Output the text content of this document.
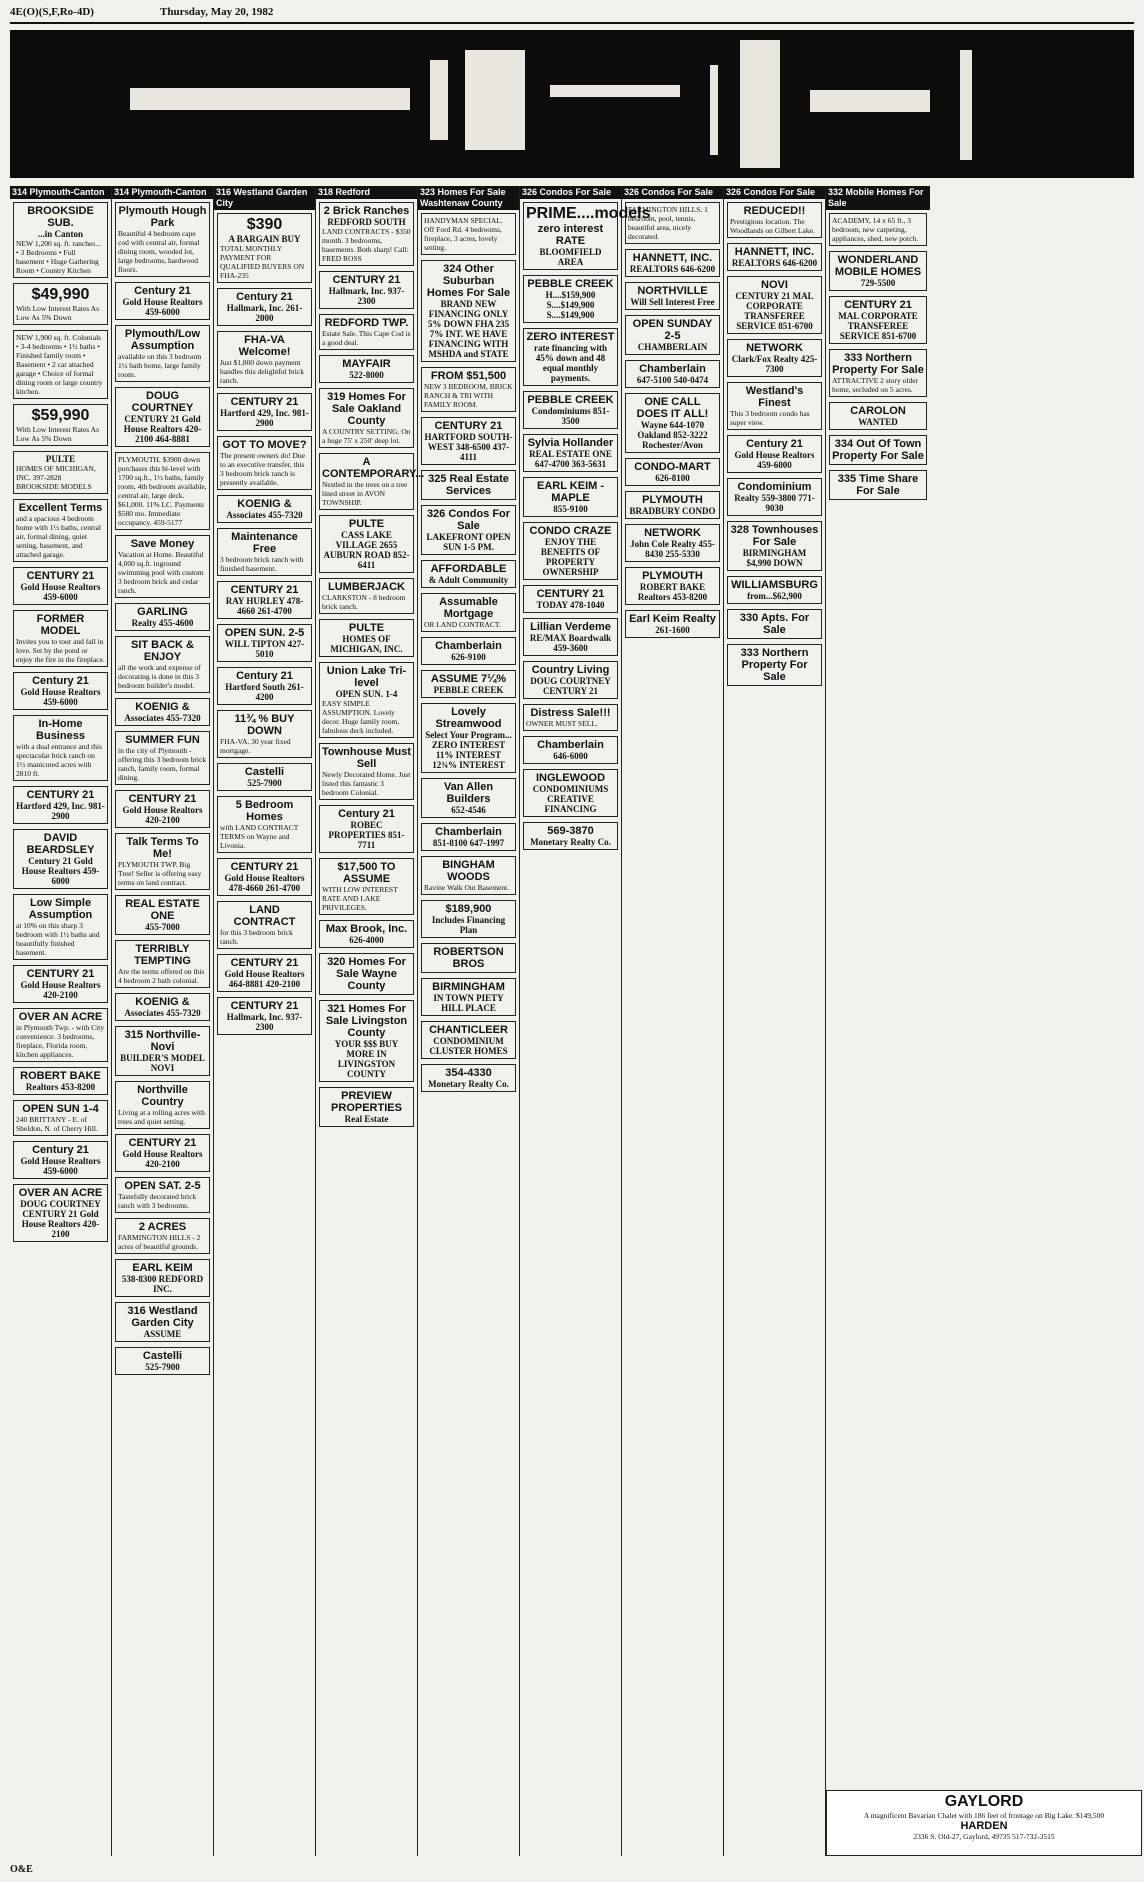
4E(O)(S,F,Ro-4D)	Thursday, May 20, 1982
314 Plymouth-Canton
BROOKSIDE SUB.
...in Canton
NEW 1,200 sq. ft. ranches... • 3 Bedrooms • Full basement • Huge Gathering Room • Country Kitchen
$49,990
With Low Interest Rates As Low As 5% Down
NEW 1,900 sq. ft. Colonials • 3-4 bedrooms • 1½ baths • Finished family room • Basement • 2 car attached garage • Choice of formal dining room or large country kitchen.
$59,990
With Low Interest Rates As Low As 5% Down
PULTE
HOMES OF MICHIGAN, INC. 397-2828 BROOKSIDE MODELS
Excellent Terms
and a spacious 4 bedroom home with 1½ baths, central air, formal dining, quiet setting, basement, and attached garage.
CENTURY 21
Gold House Realtors 459-6000
FORMER MODEL
Invites you to tour and fall in love. Set by the pond or enjoy the fire in the fireplace.
Century 21
Gold House Realtors 459-6000
In-Home Business
with a dual entrance and this spectacular brick ranch on 1½ manicured acres with 2810 ft.
CENTURY 21
Hartford 429, Inc. 981-2900
DAVID BEARDSLEY
Century 21 Gold House Realtors 459-6000
Low Simple Assumption
at 10% on this sharp 3 bedroom with 1½ baths and beautifully finished basement.
CENTURY 21
Gold House Realtors 420-2100
OVER AN ACRE
in Plymouth Twp. - with City convenience. 3 bedrooms, fireplace, Florida room, kitchen appliances.
ROBERT BAKE
Realtors 453-8200
OPEN SUN 1-4
240 BRITTANY - E. of Sheldon, N. of Cherry Hill.
Century 21
Gold House Realtors 459-6000
OVER AN ACRE
DOUG COURTNEY CENTURY 21 Gold House Realtors 420-2100
314 Plymouth-Canton
Plymouth Hough Park
Beautiful 4 bedroom cape cod with central air, formal dining room, wooded lot, large bedrooms, hardwood floors.
Century 21
Gold House Realtors 459-6000
Plymouth/Low Assumption
available on this 3 bedroom 1½ bath home, large family room.
DOUG COURTNEY
CENTURY 21 Gold House Realtors 420-2100 464-8881
PLYMOUTH. $3900 down purchases this bi-level with 1700 sq.ft., 1½ baths, family room, 4th bedroom available, central air, large deck. $61,000. 11% LC. Payments $580 mo. Immediate occupancy. 459-5177
Save Money
Vacation at Home. Beautiful 4,000 sq.ft. inground swimming pool with custom 3 bedroom brick and cedar ranch.
GARLING
Realty 455-4600
SIT BACK & ENJOY
all the work and expense of decorating is done in this 3 bedroom builder's model.
KOENIG &
Associates 455-7320
SUMMER FUN
in the city of Plymouth - offering this 3 bedroom brick ranch, family room, formal dining.
CENTURY 21
Gold House Realtors 420-2100
Talk Terms To Me!
PLYMOUTH TWP. Big Tree! Seller is offering easy terms on land contract.
REAL ESTATE ONE
455-7000
TERRIBLY TEMPTING
Are the terms offered on this 4 bedroom 2 bath colonial.
KOENIG &
Associates 455-7320
315 Northville-Novi
BUILDER'S MODEL NOVI
Northville Country
Living at a rolling acres with trees and quiet setting.
CENTURY 21
Gold House Realtors 420-2100
OPEN SAT. 2-5
Tastefully decorated brick ranch with 3 bedrooms.
2 ACRES
FARMINGTON HILLS - 2 acres of beautiful grounds.
EARL KEIM
538-8300 REDFORD INC.
316 Westland Garden City
ASSUME
Castelli
525-7900
316 Westland Garden City
$390
A BARGAIN BUY
TOTAL MONTHLY PAYMENT FOR QUALIFIED BUYERS ON FHA-235
Century 21
Hallmark, Inc. 261-2000
FHA-VA Welcome!
Just $1,800 down payment handles this delightful brick ranch.
CENTURY 21
Hartford 429, Inc. 981-2900
GOT TO MOVE?
The present owners do! Due to an executive transfer, this 3 bedroom brick ranch is presently available.
KOENIG &
Associates 455-7320
Maintenance Free
3 bedroom brick ranch with finished basement.
CENTURY 21
RAY HURLEY 478-4660 261-4700
OPEN SUN. 2-5
WILL TIPTON 427-5010
Century 21
Hartford South 261-4200
11¾ % BUY DOWN
FHA-VA, 30 year fixed mortgage.
Castelli
525-7900
5 Bedroom Homes
with LAND CONTRACT TERMS on Wayne and Livonia.
CENTURY 21
Gold House Realtors 478-4660 261-4700
LAND CONTRACT
for this 3 bedroom brick ranch.
CENTURY 21
Gold House Realtors 464-8881 420-2100
CENTURY 21
Hallmark, Inc. 937-2300
318 Redford
2 Brick Ranches
REDFORD SOUTH
LAND CONTRACTS - $350 month. 3 bedrooms, basements. Both sharp! Call: FRED ROSS
CENTURY 21
Hallmark, Inc. 937-2300
REDFORD TWP.
Estate Sale. This Cape Cod is a good deal.
MAYFAIR
522-8000
319 Homes For Sale Oakland County
A COUNTRY SETTING. On a huge 75' x 250' deep lot.
A CONTEMPORARY...
Nestled in the trees on a tree lined street in AVON TOWNSHIP.
PULTE
CASS LAKE VILLAGE 2655 AUBURN ROAD 852-6411
LUMBERJACK
CLARKSTON - 8 bedroom brick ranch.
PULTE
HOMES OF MICHIGAN, INC.
Union Lake Tri-level
OPEN SUN. 1-4
EASY SIMPLE ASSUMPTION. Lovely decor. Huge family room, fabulous deck included.
Townhouse Must Sell
Newly Decorated Home. Just listed this fantastic 3 bedroom Colonial.
Century 21
ROBEC PROPERTIES 851-7711
$17,500 TO ASSUME
WITH LOW INTEREST RATE AND LAKE PRIVILEGES.
Max Brook, Inc.
626-4000
320 Homes For Sale Wayne County
321 Homes For Sale Livingston County
YOUR $$$ BUY MORE IN LIVINGSTON COUNTY
PREVIEW PROPERTIES
Real Estate
323 Homes For Sale Washtenaw County
HANDYMAN SPECIAL. Off Ford Rd. 4 bedrooms, fireplace, 3 acres, lovely setting.
324 Other Suburban Homes For Sale
BRAND NEW FINANCING ONLY 5% DOWN FHA 235 7% INT. WE HAVE FINANCING WITH MSHDA and STATE
FROM $51,500
NEW 3 BEDROOM, BRICK RANCH & TRI WITH FAMILY ROOM.
CENTURY 21
HARTFORD SOUTH-WEST 348-6500 437-4111
325 Real Estate Services
326 Condos For Sale
LAKEFRONT OPEN SUN 1-5 PM.
AFFORDABLE
& Adult Community
Assumable Mortgage
OR LAND CONTRACT.
Chamberlain
626-9100
ASSUME 7¼%
PEBBLE CREEK
Lovely Streamwood
Select Your Program... ZERO INTEREST 11% INTEREST 12¾% INTEREST
Van Allen Builders
652-4546
Chamberlain
851-8100 647-1997
BINGHAM WOODS
Ravine Walk Out Basement.
$189,900
Includes Financing Plan
ROBERTSON BROS
BIRMINGHAM
IN TOWN PIETY HILL PLACE
CHANTICLEER
CONDOMINIUM CLUSTER HOMES
354-4330
Monetary Realty Co.
326 Condos For Sale
PRIME....models
zero interest RATE
BLOOMFIELD AREA
PEBBLE CREEK
H....$159,900 S....$149,900 S....$149,900
ZERO INTEREST
rate financing with 45% down and 48 equal monthly payments.
PEBBLE CREEK
Condominiums 851-3500
Sylvia Hollander
REAL ESTATE ONE 647-4700 363-5631
EARL KEIM - MAPLE
855-9100
CONDO CRAZE
ENJOY THE BENEFITS OF PROPERTY OWNERSHIP
CENTURY 21
TODAY 478-1040
Lillian Verdeme
RE/MAX Boardwalk 459-3600
Country Living
DOUG COURTNEY CENTURY 21
Distress Sale!!!
OWNER MUST SELL.
Chamberlain
646-6000
INGLEWOOD
CONDOMINIUMS CREATIVE FINANCING
569-3870
Monetary Realty Co.
326 Condos For Sale
FARMINGTON HILLS. 1 bedroom, pool, tennis, beautiful area, nicely decorated.
HANNETT, INC.
REALTORS 646-6200
NORTHVILLE
Will Sell Interest Free
OPEN SUNDAY 2-5
CHAMBERLAIN
Chamberlain
647-5100 540-0474
ONE CALL DOES IT ALL!
Wayne 644-1070 Oakland 852-3222 Rochester/Avon
CONDO-MART
626-8100
PLYMOUTH
BRADBURY CONDO
NETWORK
John Cole Realty 455-8430 255-5330
PLYMOUTH
ROBERT BAKE Realtors 453-8200
Earl Keim Realty
261-1600
326 Condos For Sale
REDUCED!!
Prestigious location. The Woodlands on Gilbert Lake.
HANNETT, INC.
REALTORS 646-6200
NOVI
CENTURY 21 MAL CORPORATE TRANSFEREE SERVICE 851-6700
NETWORK
Clark/Fox Realty 425-7300
Westland's Finest
This 3 bedroom condo has super view.
Century 21
Gold House Realtors 459-6000
Condominium
Realty 559-3800 771-9030
328 Townhouses For Sale
BIRMINGHAM $4,990 DOWN
WILLIAMSBURG
from...$62,900
330 Apts. For Sale
333 Northern Property For Sale
332 Mobile Homes For Sale
ACADEMY, 14 x 65 ft., 3 bedroom, new carpeting, appliances, shed, new porch.
WONDERLAND MOBILE HOMES
729-5500
CENTURY 21
MAL CORPORATE TRANSFEREE SERVICE 851-6700
333 Northern Property For Sale
ATTRACTIVE 2 story older home, secluded on 5 acres.
CAROLON
WANTED
334 Out Of Town Property For Sale
335 Time Share For Sale
GAYLORD
A magnificent Bavarian Chalet with 186 feet of frontage on Big Lake. $149,500
HARDEN
2336 S. Old-27, Gaylord, 49735 517-732-3515
O&E
